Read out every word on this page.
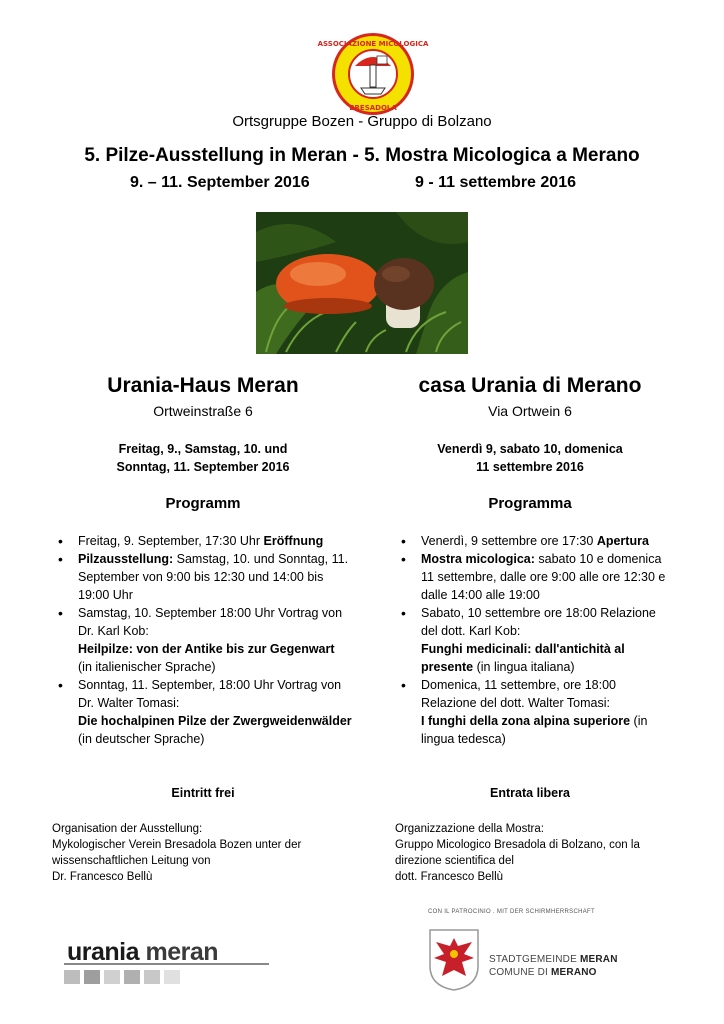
ASSOCIAZIONE MICOLOGICA
BRESADOLA
Ortsgruppe Bozen - Gruppo di Bolzano
5. Pilze-Ausstellung in Meran - 5. Mostra Micologica a Merano
9. – 11. September 2016	9 - 11 settembre 2016
Urania-Haus Meran
Ortweinstraße 6
Freitag, 9., Samstag, 10. und
Sonntag, 11. September 2016
Programm
• Freitag, 9. September, 17:30 Uhr Eröffnung
• Pilzausstellung: Samstag, 10. und Sonntag, 11. September von 9:00 bis 12:30 und 14:00 bis 19:00 Uhr
• Samstag, 10. September 18:00 Uhr Vortrag von Dr. Karl Kob:
Heilpilze: von der Antike bis zur Gegenwart
(in italienischer Sprache)
• Sonntag, 11. September, 18:00 Uhr Vortrag von Dr. Walter Tomasi:
Die hochalpinen Pilze der Zwergweidenwälder
(in deutscher Sprache)
Eintritt frei
Organisation der Ausstellung:
Mykologischer Verein Bresadola Bozen unter der
wissenschaftlichen Leitung von
Dr. Francesco Bellù
casa Urania di Merano
Via Ortwein 6
Venerdì 9, sabato 10, domenica
11 settembre 2016
Programma
• Venerdì, 9 settembre ore 17:30 Apertura
• Mostra micologica: sabato 10 e domenica 11 settembre, dalle ore 9:00 alle ore 12:30 e dalle 14:00 alle 19:00
• Sabato, 10 settembre ore 18:00 Relazione del dott. Karl Kob:
Funghi medicinali: dall'antichità al presente (in lingua italiana)
• Domenica, 11 settembre, ore 18:00 Relazione del dott. Walter Tomasi:
I funghi della zona alpina superiore (in lingua tedesca)
Entrata libera
Organizzazione della Mostra:
Gruppo Micologico Bresadola di Bolzano, con la
direzione scientifica del
dott. Francesco Bellù
urania meran
CON IL PATROCINIO . MIT DER SCHIRMHERRSCHAFT
STADTGEMEINDE MERAN
COMUNE DI MERANO
